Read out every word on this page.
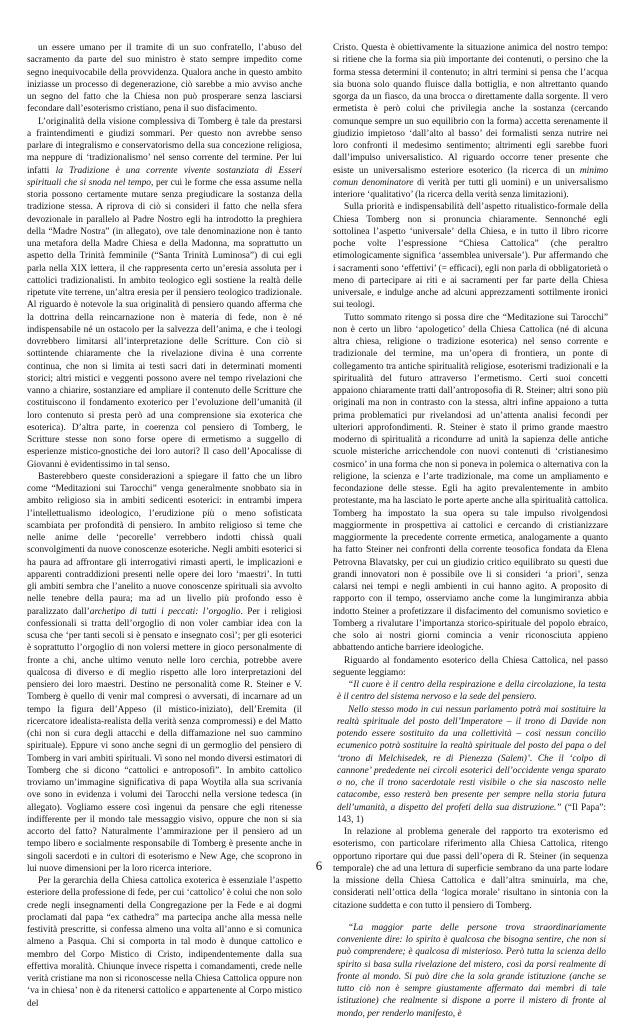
un essere umano per il tramite di un suo confratello, l’abuso del sacramento da parte del suo ministro è stato sempre impedito come segno inequivocabile della provvidenza. Qualora anche in questo ambito iniziasse un processo di degenerazione, ciò sarebbe a mio avviso anche un segno del fatto che la Chiesa non può prosperare senza lasciarsi fecondare dall’esoterismo cristiano, pena il suo disfacimento.

L’originalità della visione complessiva di Tomberg è tale da prestarsi a fraintendimenti e giudizi sommari. Per questo non avrebbe senso parlare di integralismo e conservatorismo della sua concezione religiosa, ma neppure di ‘tradizionalismo’ nel senso corrente del termine. Per lui infatti la Tradizione è una corrente vivente sostanziata di Esseri spirituali che si snoda nel tempo, per cui le forme che essa assume nella storia possono certamente mutare senza pregiudicare la sostanza della tradizione stessa. A riprova di ciò si consideri il fatto che nella sfera devozionale in parallelo al Padre Nostro egli ha introdotto la preghiera della “Madre Nostra” (in allegato), ove tale denominazione non è tanto una metafora della Madre Chiesa e della Madonna, ma soprattutto un aspetto della Trinità femminile (“Santa Trinità Luminosa”) di cui egli parla nella XIX lettera, il che rappresenta certo un’eresia assoluta per i cattolici tradizionalisti. In ambito teologico egli sostiene la realtà delle ripetute vite terrene, un’altra eresia per il pensiero teologico tradizionale. Al riguardo è notevole la sua originalità di pensiero quando afferma che la dottrina della reincarnazione non è materia di fede, non è né indispensabile né un ostacolo per la salvezza dell’anima, e che i teologi dovrebbero limitarsi all’interpretazione delle Scritture. Con ciò si sottintende chiaramente che la rivelazione divina è una corrente continua, che non si limita ai testi sacri dati in determinati momenti storici; altri mistici e veggenti possono avere nel tempo rivelazioni che vanno a chiarire, sostanziare ed ampliare il contenuto delle Scritture che costituiscono il fondamento exoterico per l’evoluzione dell’umanità (il loro contenuto si presta però ad una comprensione sia exoterica che esoterica). D’altra parte, in coerenza col pensiero di Tomberg, le Scritture stesse non sono forse opere di ermetismo a suggello di esperienze mistico-gnostiche dei loro autori? Il caso dell’Apocalisse di Giovanni è evidentissimo in tal senso.

Basterebbero queste considerazioni a spiegare il fatto che un libro come “Meditazioni sui Tarocchi” venga generalmente snobbato sia in ambito religioso sia in ambiti sedicenti esoterici: in entrambi impera l’intellettualismo ideologico, l’erudizione più o meno sofisticata scambiata per profondità di pensiero. In ambito religioso si teme che nelle anime delle ‘pecorelle’ verrebbero indotti chissà quali sconvolgimenti da nuove conoscenze esoteriche. Negli ambiti esoterici si ha paura ad affrontare gli interrogativi rimasti aperti, le implicazioni e apparenti contraddizioni presenti nelle opere dei loro ‘maestri’. In tutti gli ambiti sembra che l’anelito a nuove conoscenze spirituali sia avvolto nelle tenebre della paura; ma ad un livello più profondo esso è paralizzato dall’archetipo di tutti i peccati: l’orgoglio. Per i religiosi confessionali si tratta dell’orgoglio di non voler cambiar idea con la scusa che ‘per tanti secoli si è pensato e insegnato così’; per gli esoterici è soprattutto l’orgoglio di non volersi mettere in gioco personalmente di fronte a chi, anche ultimo venuto nelle loro cerchia, potrebbe avere qualcosa di diverso e di meglio rispetto alle loro interpretazioni del pensiero dei loro maestri. Destino ne personalità come R. Steiner e V. Tomberg è quello di venir mal compresi o avversati, di incarnare ad un tempo la figura dell’Appeso (il mistico-iniziato), dell’Eremita (il ricercatore idealista-realista della verità senza compromessi) e del Matto (chi non si cura degli attacchi e della diffamazione nel suo cammino spirituale). Eppure vi sono anche segni di un germoglio del pensiero di Tomberg in vari ambiti spirituali. Vi sono nel mondo diversi estimatori di Tomberg che si dicono “cattolici e antroposofi”. In ambito cattolico troviamo un’immagine significativa di papa Woytila alla sua scrivania ove sono in evidenza i volumi dei Tarocchi nella versione tedesca (in allegato). Vogliamo essere così ingenui da pensare che egli ritenesse indifferente per il mondo tale messaggio visivo, oppure che non si sia accorto del fatto? Naturalmente l’ammirazione per il pensiero ad un tempo libero e socialmente responsabile di Tomberg è presente anche in singoli sacerdoti e in cultori di esoterismo e New Age, che scoprono in lui nuove dimensioni per la loro ricerca interiore.

Per la gerarchia della Chiesa cattolica exoterica è essenziale l’aspetto esteriore della professione di fede, per cui ‘cattolico’ è colui che non solo crede negli insegnamenti della Congregazione per la Fede e ai dogmi proclamati dal papa “ex cathedra” ma partecipa anche alla messa nelle festività prescritte, si confessa almeno una volta all’anno e si comunica almeno a Pasqua. Chi si comporta in tal modo è dunque cattolico e membro del Corpo Mistico di Cristo, indipendentemente dalla sua effettiva moralità. Chiunque invece rispetta i comandamenti, crede nelle verità cristiane ma non si riconoscesse nella Chiesa Cattolica oppure non ‘va in chiesa’ non è da ritenersi cattolico e appartenente al Corpo mistico del

Cristo. Questa è obiettivamente la situazione animica del nostro tempo: si ritiene che la forma sia più importante dei contenuti, o persino che la forma stessa determini il contenuto; in altri termini si pensa che l’acqua sia buona solo quando fluisce dalla bottiglia, e non altrettanto quando sgorga da un fiasco, da una brocca o direttamente dalla sorgente. Il vero ermetista è però colui che privilegia anche la sostanza (cercando comunque sempre un suo equilibrio con la forma) accetta serenamente il giudizio impietoso ‘dall’alto al basso’ dei formalisti senza nutrire nei loro confronti il medesimo sentimento; altrimenti egli sarebbe fuori dall’impulso universalistico. Al riguardo occorre tener presente che esiste un universalismo esteriore esoterico (la ricerca di un minimo comun denominatore di verità per tutti gli uomini) e un universalismo interiore ‘qualitativo’ (la ricerca della verità senza limitazioni).

Sulla priorità e indispensabilità dell’aspetto ritualistico-formale della Chiesa Tomberg non si pronuncia chiaramente. Sennonché egli sottolinea l’aspetto ‘universale’ della Chiesa, e in tutto il libro ricorre poche volte l’espressione “Chiesa Cattolica” (che peraltro etimologicamente significa ‘assemblea universale’). Pur affermando che i sacramenti sono ‘effettivi’ (= efficaci), egli non parla di obbligatorietà o meno di partecipare ai riti e ai sacramenti per far parte della Chiesa universale, e indulge anche ad alcuni apprezzamenti sottilmente ironici sui teologi.

Tutto sommato ritengo si possa dire che “Meditazione sui Tarocchi” non è certo un libro ‘apologetico’ della Chiesa Cattolica (né di alcuna altra chiesa, religione o tradizione esoterica) nel senso corrente e tradizionale del termine, ma un’opera di frontiera, un ponte di collegamento tra antiche spiritualità religiose, esoterismi tradizionali e la spiritualità del futuro attraverso l’ermetismo. Certi suoi concetti appaiono chiaramente tratti dall’antroposofia di R. Steiner; altri sono più originali ma non in contrasto con la stessa, altri infine appaiono a tutta prima problematici pur rivelandosi ad un’attenta analisi fecondi per ulteriori approfondimenti. R. Steiner è stato il primo grande maestro moderno di spiritualità a ricondurre ad unità la sapienza delle antiche scuole misteriche arricchendole con nuovi contenuti di ‘cristianesimo cosmico’ in una forma che non si poneva in polemica o alternativa con la religione, la scienza e l’arte tradizionale, ma come un ampliamento e fecondazione delle stesse. Egli ha agito prevalentemente in ambito protestante, ma ha lasciato le porte aperte anche alla spiritualità cattolica. Tomberg ha impostato la sua opera su tale impulso rivolgendosi maggiormente in prospettiva ai cattolici e cercando di cristianizzare maggiormente la precedente corrente ermetica, analogamente a quanto ha fatto Steiner nei confronti della corrente teosofica fondata da Elena Petrovna Blavatsky, per cui un giudizio critico equilibrato su questi due grandi innovatori non è possibile ove li si consideri ‘a priori’, senza calarsi nei tempi e negli ambienti in cui hanno agito. A proposito di rapporto con il tempo, osserviamo anche come la lungimiranza abbia indotto Steiner a profetizzare il disfacimento del comunismo sovietico e Tomberg a rivalutare l’importanza storico-spirituale del popolo ebraico, che solo ai nostri giorni comincia a venir riconosciuta appieno abbattendo antiche barriere ideologiche.

Riguardo al fondamento esoterico della Chiesa Cattolica, nel passo seguente leggiamo:

“Il cuore è il centro della respirazione e della circolazione, la testa è il centro del sistema nervoso e la sede del pensiero.

Nello stesso modo in cui nessun parlamento potrà mai sostituire la realtà spirituale del posto dell’Imperatore – il trono di Davide non potendo essere sostituito da una collettività – così nessun concilio ecumenico potrà sostituire la realtà spirituale del posto del papa o del ‘trono di Melchisedek, re di Pienezza (Salem)’. Che il ‘colpo di cannone’ prededente nei circoli esoterici dell’occidente venga sparato o no, che il trono sacerdotale resti visibile o che sia nascosto nelle catacombe, esso resterà ben presente per sempre nella storia futura dell’umanità, a dispetto del profeti della sua distruzione.” (“Il Papa”: 143, 1)

In relazione al problema generale del rapporto tra exoterismo ed esoterismo, con particolare riferimento alla Chiesa Cattolica, ritengo opportuno riportare qui due passi dell’opera di R. Steiner (in sequenza temporale) che ad una lettura di superficie sembrano da una parte lodare la missione della Chiesa Cattolica e dall’altra sminuirla, ma che, considerati nell’ottica della ‘logica morale’ risultano in sintonia con la citazione suddetta e con tutto il pensiero di Tomberg.

“La maggior parte delle persone trova straordinariamente conveniente dire: lo spirito è qualcosa che bisogna sentire, che non si può comprendere; è qualcosa di misterioso. Però tutta la scienza dello spirito si basa sulla rivelazione del mistero, così da porsi realmente di fronte al mondo. Si può dire che la sola grande istituzione (anche se tutto ciò non è sempre giustamente affermato dai membri di tale istituzione) che realmente si dispone a porre il mistero di fronte al mondo, per renderlo manifesto, è

6
